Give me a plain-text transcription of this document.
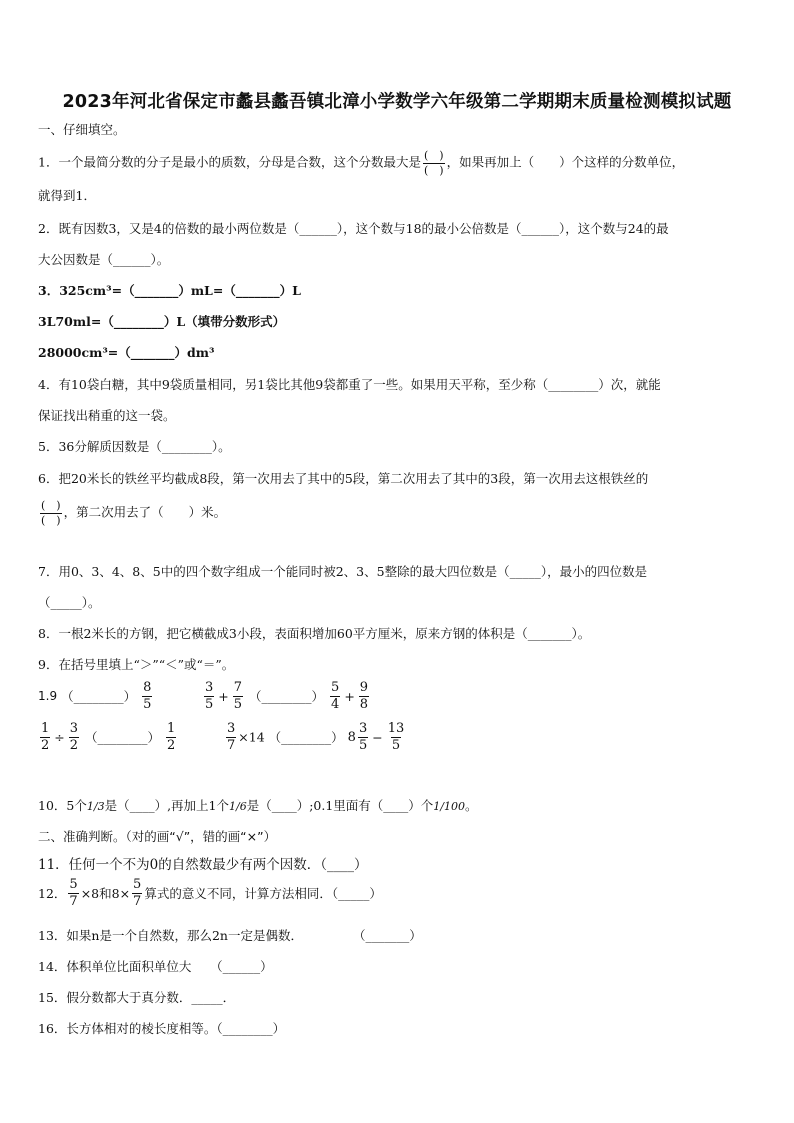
2023年河北省保定市蠡县蠡吾镇北漳小学数学六年级第二学期期末质量检测模拟试题
一、仔细填空。
1．一个最简分数的分子是最小的质数，分母是合数，这个分数最大是 $\frac{( )}{( )}$ ，如果再加上（　　）个这样的分数单位，
就得到1．
2．既有因数3，又是4的倍数的最小两位数是（______），这个数与18的最小公倍数是（______），这个数与24的最
大公因数是（______）。
3．325cm³=（_______）mL=（_______）L
3L70ml=（________）L（填带分数形式）
28000cm³=（_______）dm³
4．有10袋白糖，其中9袋质量相同，另1袋比其他9袋都重了一些。如果用天平称，至少称（________）次，就能
保证找出稍重的这一袋。
5．36分解质因数是（________）。
6．把20米长的铁丝平均截成8段，第一次用去了其中的5段，第二次用去了其中的3段，第一次用去这根铁丝的
$\frac{( )}{( )}$ ，第二次用去了（　　）米。
7．用0、3、4、8、5中的四个数字组成一个能同时被2、3、5整除的最大四位数是（_____），最小的四位数是
（_____）。
8．一根2米长的方钢，把它横截成3小段，表面积增加60平方厘米，原来方钢的体积是（_______）。
9．在括号里填上“＞”“＜”或“＝”。
1.9 （________） $\frac{8}{5}$	$\frac{3}{5} + \frac{7}{5}$ （________） $\frac{5}{4} + \frac{9}{8}$
$\frac{1}{2} \div \frac{3}{2}$ （________） $\frac{1}{2}$	$\frac{3}{7} \times 14$ （________） $8 \frac{3}{5} - \frac{13}{5}$
10．5个1/3是（____）,再加上1个1/6是（____）;0.1里面有（____）个1/100。
二、准确判断。（对的画“√”，错的画“×”）
11．任何一个不为0的自然数最少有两个因数．（____）
12． $\frac{5}{7} \times 8$和$8\times \frac{5}{7}$ 算式的意义不同，计算方法相同．（_____）
13．如果n是一个自然数，那么2n一定是偶数．　　　　　（_______）
14．体积单位比面积单位大　　（______）
15．假分数都大于真分数．_____．
16．长方体相对的棱长度相等。（________）
